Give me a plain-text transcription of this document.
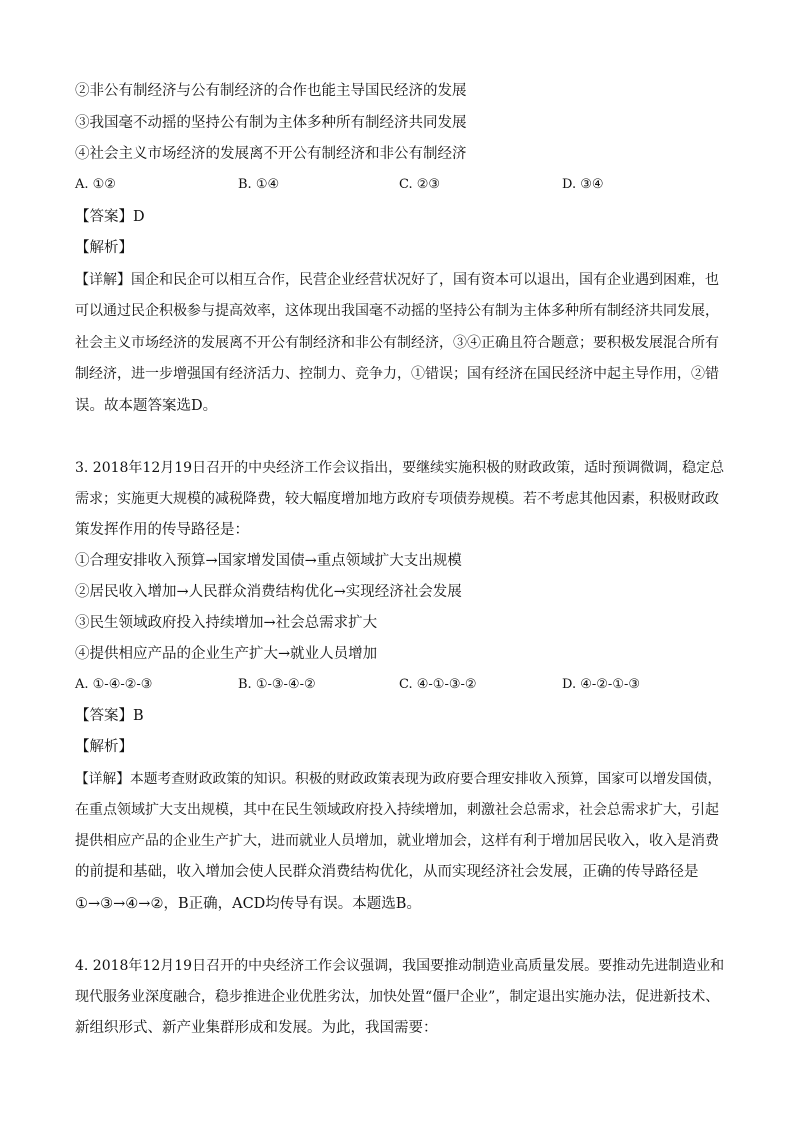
②非公有制经济与公有制经济的合作也能主导国民经济的发展
③我国毫不动摇的坚持公有制为主体多种所有制经济共同发展
④社会主义市场经济的发展离不开公有制经济和非公有制经济
A. ①②	B. ①④	C. ②③	D. ③④
【答案】D
【解析】
【详解】国企和民企可以相互合作，民营企业经营状况好了，国有资本可以退出，国有企业遇到困难，也
可以通过民企积极参与提高效率，这体现出我国毫不动摇的坚持公有制为主体多种所有制经济共同发展，
社会主义市场经济的发展离不开公有制经济和非公有制经济，③④正确且符合题意；要积极发展混合所有
制经济，进一步增强国有经济活力、控制力、竞争力，①错误；国有经济在国民经济中起主导作用，②错
误。故本题答案选D。
3. 2018年12月19日召开的中央经济工作会议指出，要继续实施积极的财政政策，适时预调微调，稳定总
需求；实施更大规模的减税降费，较大幅度增加地方政府专项债券规模。若不考虑其他因素，积极财政政
策发挥作用的传导路径是：
①合理安排收入预算→国家增发国债→重点领域扩大支出规模
②居民收入增加→人民群众消费结构优化→实现经济社会发展
③民生领域政府投入持续增加→社会总需求扩大
④提供相应产品的企业生产扩大→就业人员增加
A. ①-④-②-③	B. ①-③-④-②	C. ④-①-③-②	D. ④-②-①-③
【答案】B
【解析】
【详解】本题考查财政政策的知识。积极的财政政策表现为政府要合理安排收入预算，国家可以增发国债，
在重点领域扩大支出规模，其中在民生领域政府投入持续增加，刺激社会总需求，社会总需求扩大，引起
提供相应产品的企业生产扩大，进而就业人员增加，就业增加会，这样有利于增加居民收入，收入是消费
的前提和基础，收入增加会使人民群众消费结构优化，从而实现经济社会发展，正确的传导路径是
①→③→④→②，B正确，ACD均传导有误。本题选B。
4. 2018年12月19日召开的中央经济工作会议强调，我国要推动制造业高质量发展。要推动先进制造业和
现代服务业深度融合，稳步推进企业优胜劣汰，加快处置“僵尸企业”，制定退出实施办法，促进新技术、
新组织形式、新产业集群形成和发展。为此，我国需要：
